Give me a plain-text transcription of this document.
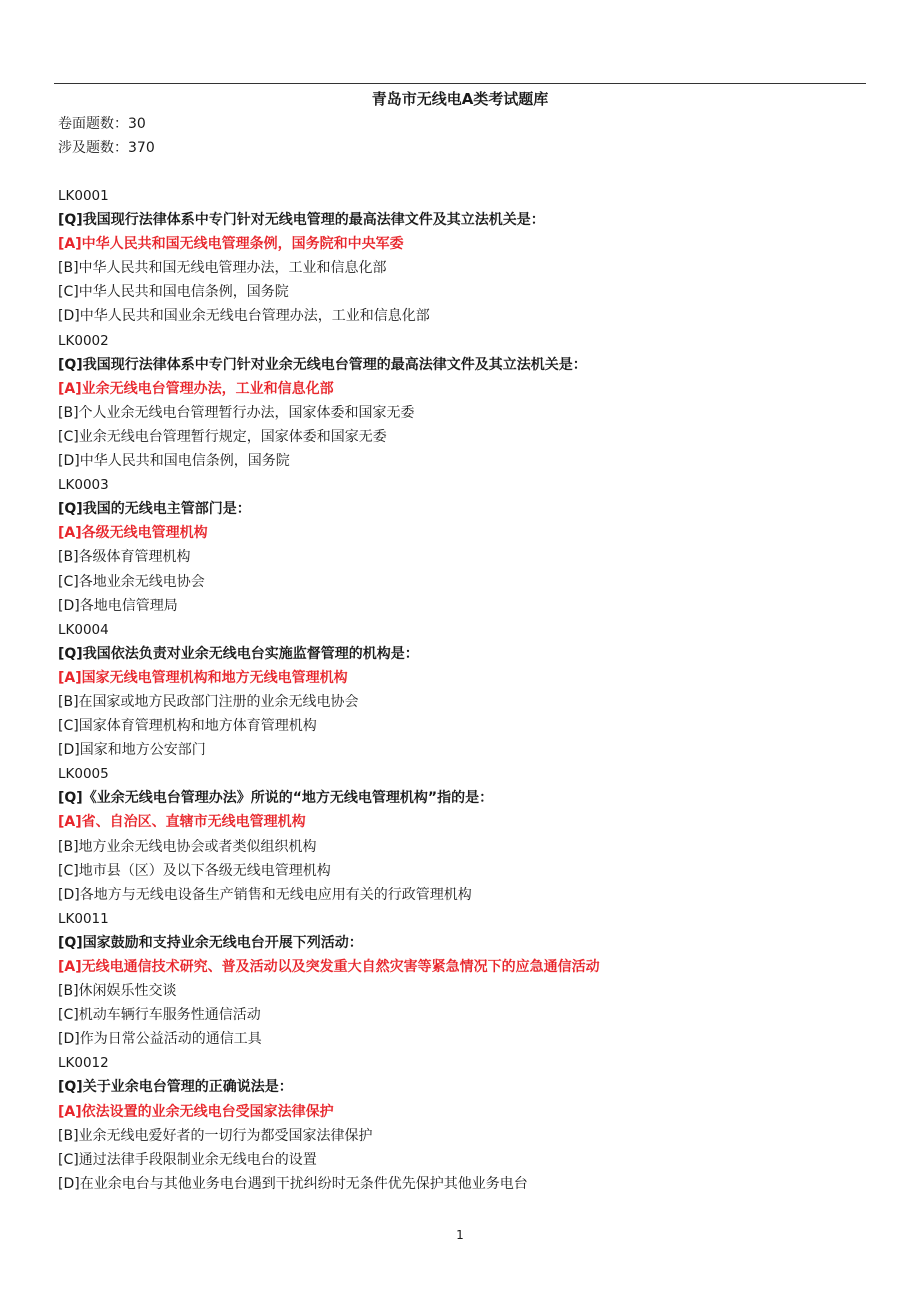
青岛市无线电A类考试题库
卷面题数：30
涉及题数：370
LK0001
[Q]我国现行法律体系中专门针对无线电管理的最高法律文件及其立法机关是：
[A]中华人民共和国无线电管理条例，国务院和中央军委
[B]中华人民共和国无线电管理办法，工业和信息化部
[C]中华人民共和国电信条例，国务院
[D]中华人民共和国业余无线电台管理办法，工业和信息化部
LK0002
[Q]我国现行法律体系中专门针对业余无线电台管理的最高法律文件及其立法机关是：
[A]业余无线电台管理办法，工业和信息化部
[B]个人业余无线电台管理暂行办法，国家体委和国家无委
[C]业余无线电台管理暂行规定，国家体委和国家无委
[D]中华人民共和国电信条例，国务院
LK0003
[Q]我国的无线电主管部门是：
[A]各级无线电管理机构
[B]各级体育管理机构
[C]各地业余无线电协会
[D]各地电信管理局
LK0004
[Q]我国依法负责对业余无线电台实施监督管理的机构是：
[A]国家无线电管理机构和地方无线电管理机构
[B]在国家或地方民政部门注册的业余无线电协会
[C]国家体育管理机构和地方体育管理机构
[D]国家和地方公安部门
LK0005
[Q]《业余无线电台管理办法》所说的“地方无线电管理机构”指的是：
[A]省、自治区、直辖市无线电管理机构
[B]地方业余无线电协会或者类似组织机构
[C]地市县（区）及以下各级无线电管理机构
[D]各地方与无线电设备生产销售和无线电应用有关的行政管理机构
LK0011
[Q]国家鼓励和支持业余无线电台开展下列活动：
[A]无线电通信技术研究、普及活动以及突发重大自然灾害等紧急情况下的应急通信活动
[B]休闲娱乐性交谈
[C]机动车辆行车服务性通信活动
[D]作为日常公益活动的通信工具
LK0012
[Q]关于业余电台管理的正确说法是：
[A]依法设置的业余无线电台受国家法律保护
[B]业余无线电爱好者的一切行为都受国家法律保护
[C]通过法律手段限制业余无线电台的设置
[D]在业余电台与其他业务电台遇到干扰纠纷时无条件优先保护其他业务电台
1
